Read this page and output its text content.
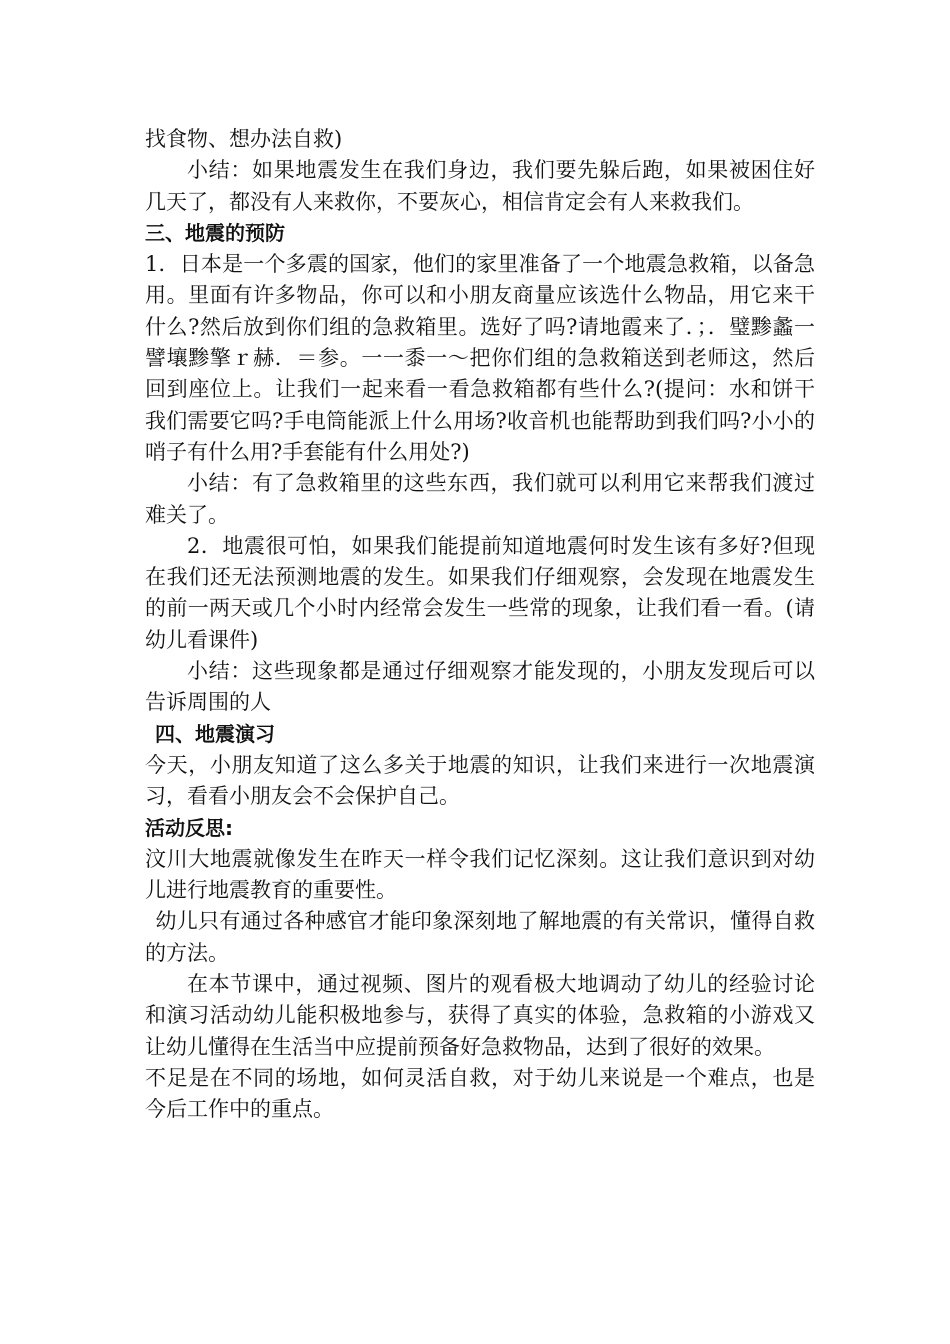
找食物、想办法自救)

小结：如果地震发生在我们身边，我们要先躲后跑，如果被困住好几天了，都没有人来救你，不要灰心，相信肯定会有人来救我们。

三、地震的预防

1．日本是一个多震的国家，他们的家里准备了一个地震急救箱，以备急用。里面有许多物品，你可以和小朋友商量应该选什么物品，用它来干什么?然后放到你们组的急救箱里。选好了吗?请地霞来了．；．璧黪蠡一譬壤黪擎ｒ赫．＝参。一一黍一～把你们组的急救箱送到老师这，然后回到座位上。让我们一起来看一看急救箱都有些什么?(提问：水和饼干我们需要它吗?手电筒能派上什么用场?收音机也能帮助到我们吗?小小的哨子有什么用?手套能有什么用处?)

小结：有了急救箱里的这些东西，我们就可以利用它来帮我们渡过难关了。

2．地震很可怕，如果我们能提前知道地震何时发生该有多好?但现在我们还无法预测地震的发生。如果我们仔细观察，会发现在地震发生的前一两天或几个小时内经常会发生一些常的现象，让我们看一看。(请幼儿看课件)

小结：这些现象都是通过仔细观察才能发现的，小朋友发现后可以告诉周围的人

四、地震演习

今天，小朋友知道了这么多关于地震的知识，让我们来进行一次地震演习，看看小朋友会不会保护自己。

活动反思:

汶川大地震就像发生在昨天一样令我们记忆深刻。这让我们意识到对幼儿进行地震教育的重要性。

幼儿只有通过各种感官才能印象深刻地了解地震的有关常识，懂得自救的方法。

在本节课中，通过视频、图片的观看极大地调动了幼儿的经验讨论和演习活动幼儿能积极地参与，获得了真实的体验，急救箱的小游戏又让幼儿懂得在生活当中应提前预备好急救物品，达到了很好的效果。

不足是在不同的场地，如何灵活自救，对于幼儿来说是一个难点，也是今后工作中的重点。
